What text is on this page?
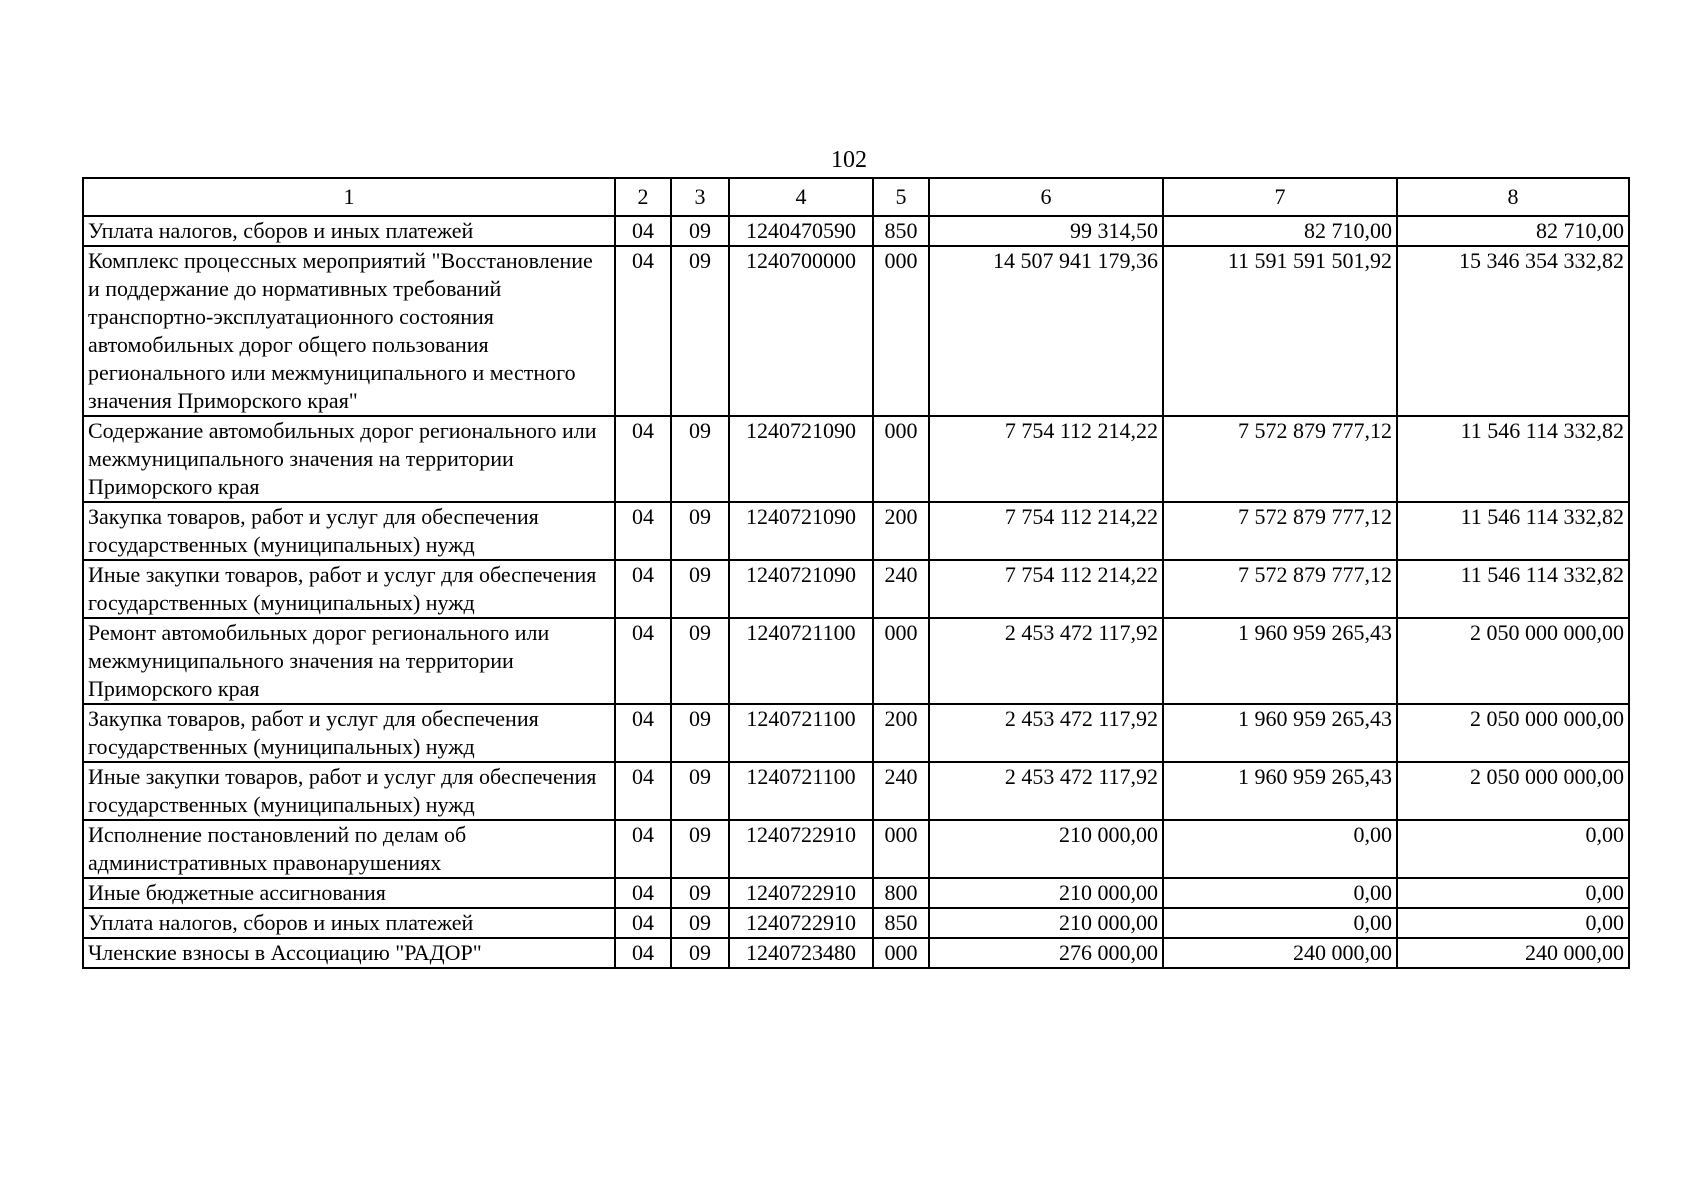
102
1	2	3	4	5	6	7	8
Уплата налогов, сборов и иных платежей	04	09	1240470590	850	99 314,50	82 710,00	82 710,00
Комплекс процессных мероприятий "Восстановление и поддержание до нормативных требований транспортно-эксплуатационного состояния автомобильных дорог общего пользования регионального или межмуниципального и местного значения Приморского края"	04	09	1240700000	000	14 507 941 179,36	11 591 591 501,92	15 346 354 332,82
Содержание автомобильных дорог регионального или межмуниципального значения на территории Приморского края	04	09	1240721090	000	7 754 112 214,22	7 572 879 777,12	11 546 114 332,82
Закупка товаров, работ и услуг для обеспечения государственных (муниципальных) нужд	04	09	1240721090	200	7 754 112 214,22	7 572 879 777,12	11 546 114 332,82
Иные закупки товаров, работ и услуг для обеспечения государственных (муниципальных) нужд	04	09	1240721090	240	7 754 112 214,22	7 572 879 777,12	11 546 114 332,82
Ремонт автомобильных дорог регионального или межмуниципального значения на территории Приморского края	04	09	1240721100	000	2 453 472 117,92	1 960 959 265,43	2 050 000 000,00
Закупка товаров, работ и услуг для обеспечения государственных (муниципальных) нужд	04	09	1240721100	200	2 453 472 117,92	1 960 959 265,43	2 050 000 000,00
Иные закупки товаров, работ и услуг для обеспечения государственных (муниципальных) нужд	04	09	1240721100	240	2 453 472 117,92	1 960 959 265,43	2 050 000 000,00
Исполнение постановлений по делам об административных правонарушениях	04	09	1240722910	000	210 000,00	0,00	0,00
Иные бюджетные ассигнования	04	09	1240722910	800	210 000,00	0,00	0,00
Уплата налогов, сборов и иных платежей	04	09	1240722910	850	210 000,00	0,00	0,00
Членские взносы в Ассоциацию "РАДОР"	04	09	1240723480	000	276 000,00	240 000,00	240 000,00
